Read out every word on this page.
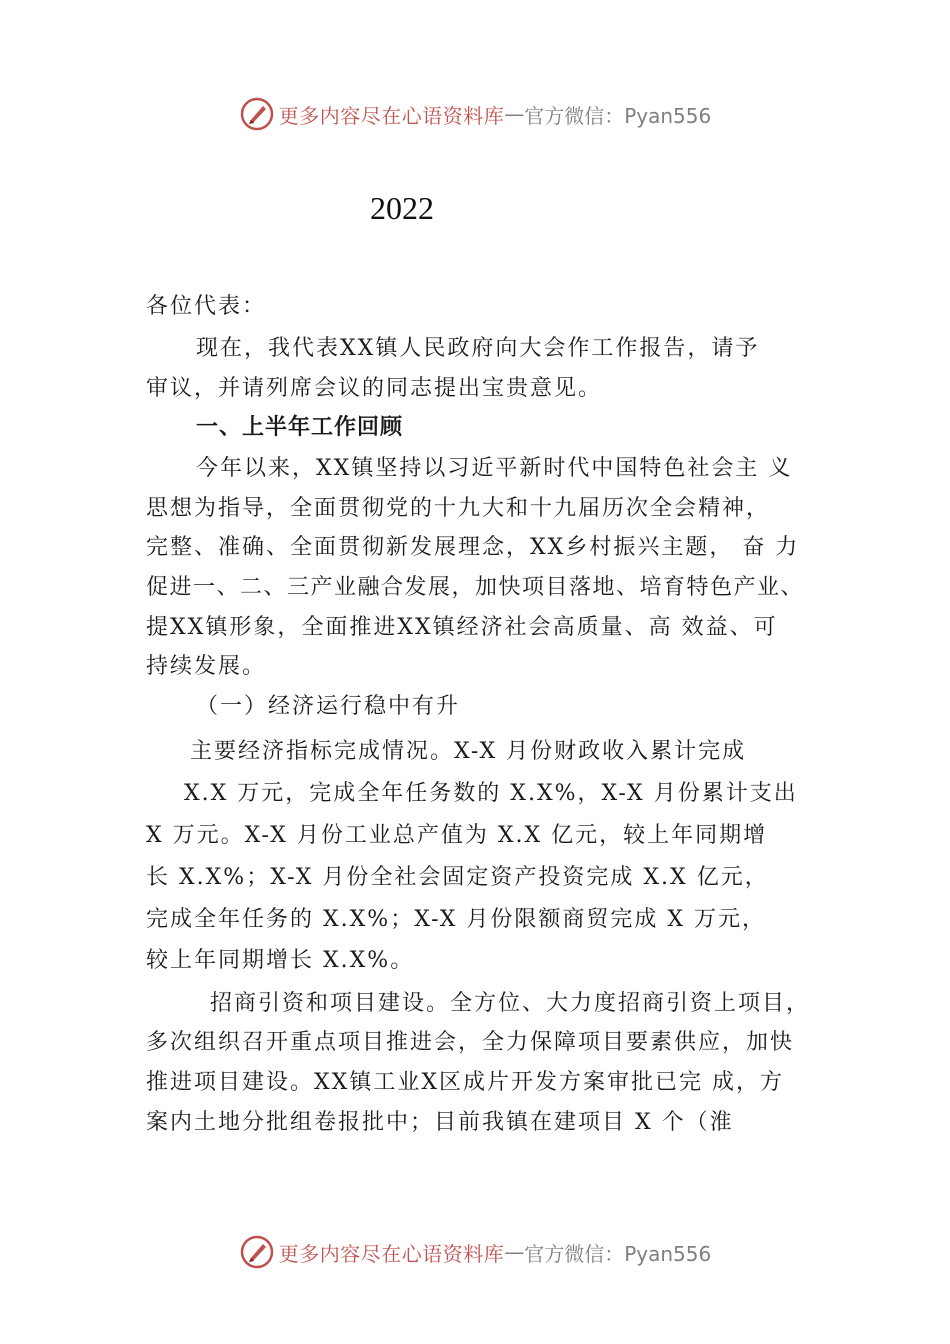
更多内容尽在心语资料库 — 官方微信：Pyan556
2022
各位代表：
现在，我代表XX镇人民政府向大会作工作报告，请予
审议，并请列席会议的同志提出宝贵意见。
一、上半年工作回顾
今年以来，XX镇坚持以习近平新时代中国特色社会主 义
思想为指导，全面贯彻党的十九大和十九届历次全会精神，
完整、准确、全面贯彻新发展理念，XX乡村振兴主题， 奋 力
促进一、二、三产业融合发展，加快项目落地、培育特色产业、
提XX镇形象，全面推进XX镇经济社会高质量、高 效益、可
持续发展。
（一）经济运行稳中有升
主要经济指标完成情况。X-X 月份财政收入累计完成
X.X 万元，完成全年任务数的 X.X%，X-X 月份累计支出
X 万元。X-X 月份工业总产值为 X.X 亿元，较上年同期增
长 X.X%；X-X 月份全社会固定资产投资完成 X.X 亿元，
完成全年任务的 X.X%；X-X 月份限额商贸完成 X 万元，
较上年同期增长 X.X%。
招商引资和项目建设。全方位、大力度招商引资上项目，
多次组织召开重点项目推进会，全力保障项目要素供应，加快
推进项目建设。XX镇工业X区成片开发方案审批已完 成，方
案内土地分批组卷报批中；目前我镇在建项目 X 个（淮
更多内容尽在心语资料库 — 官方微信：Pyan556
